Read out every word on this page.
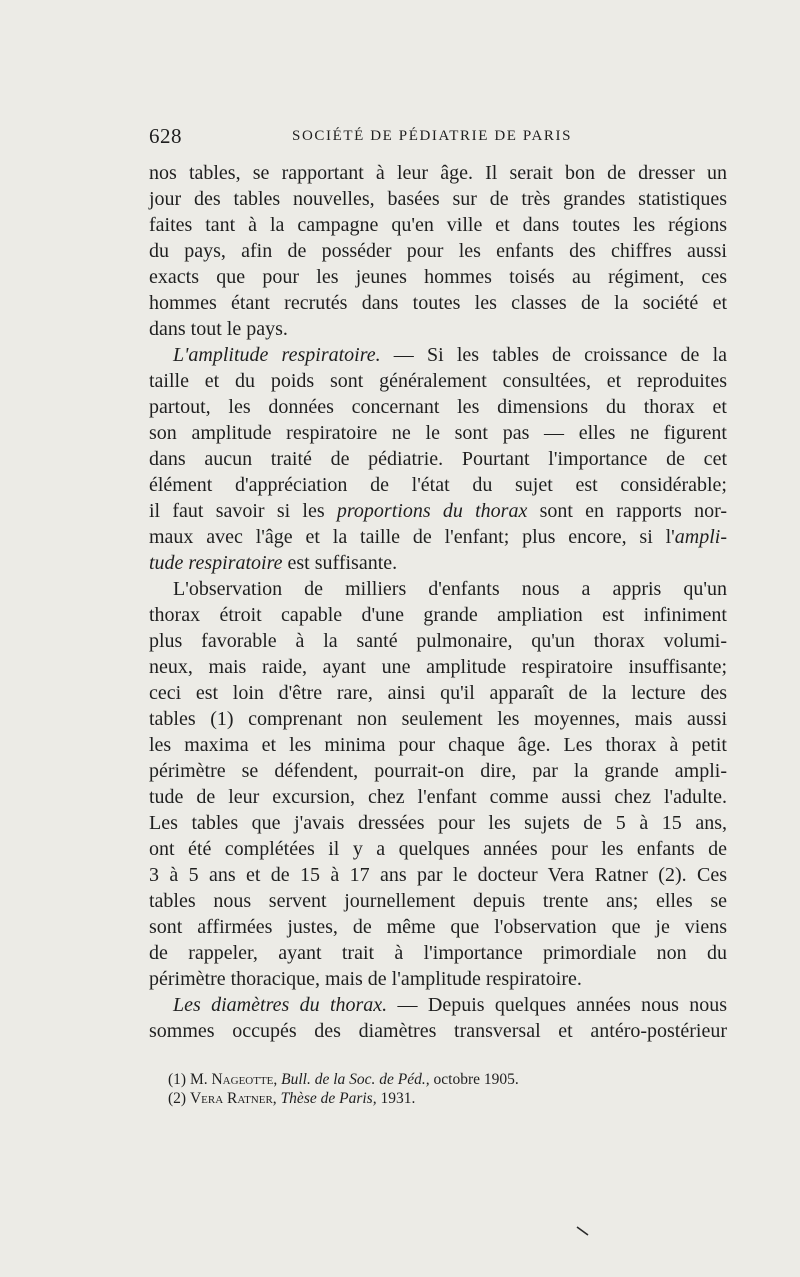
628	SOCIÉTÉ DE PÉDIATRIE DE PARIS
nos tables, se rapportant à leur âge. Il serait bon de dresser un
jour des tables nouvelles, basées sur de très grandes statistiques
faites tant à la campagne qu'en ville et dans toutes les régions
du pays, afin de posséder pour les enfants des chiffres aussi
exacts que pour les jeunes hommes toisés au régiment, ces
hommes étant recrutés dans toutes les classes de la société et
dans tout le pays.
L'amplitude respiratoire. — Si les tables de croissance de la
taille et du poids sont généralement consultées, et reproduites
partout, les données concernant les dimensions du thorax et
son amplitude respiratoire ne le sont pas — elles ne figurent
dans aucun traité de pédiatrie. Pourtant l'importance de cet
élément d'appréciation de l'état du sujet est considérable;
il faut savoir si les proportions du thorax sont en rapports nor-
maux avec l'âge et la taille de l'enfant; plus encore, si l'ampli-
tude respiratoire est suffisante.
L'observation de milliers d'enfants nous a appris qu'un
thorax étroit capable d'une grande ampliation est infiniment
plus favorable à la santé pulmonaire, qu'un thorax volumi-
neux, mais raide, ayant une amplitude respiratoire insuffisante;
ceci est loin d'être rare, ainsi qu'il apparaît de la lecture des
tables (1) comprenant non seulement les moyennes, mais aussi
les maxima et les minima pour chaque âge. Les thorax à petit
périmètre se défendent, pourrait-on dire, par la grande ampli-
tude de leur excursion, chez l'enfant comme aussi chez l'adulte.
Les tables que j'avais dressées pour les sujets de 5 à 15 ans,
ont été complétées il y a quelques années pour les enfants de
3 à 5 ans et de 15 à 17 ans par le docteur Vera Ratner (2). Ces
tables nous servent journellement depuis trente ans; elles se
sont affirmées justes, de même que l'observation que je viens
de rappeler, ayant trait à l'importance primordiale non du
périmètre thoracique, mais de l'amplitude respiratoire.
Les diamètres du thorax. — Depuis quelques années nous nous
sommes occupés des diamètres transversal et antéro-postérieur
(1) M. Nageotte, Bull. de la Soc. de Péd., octobre 1905.
(2) Vera Ratner, Thèse de Paris, 1931.
